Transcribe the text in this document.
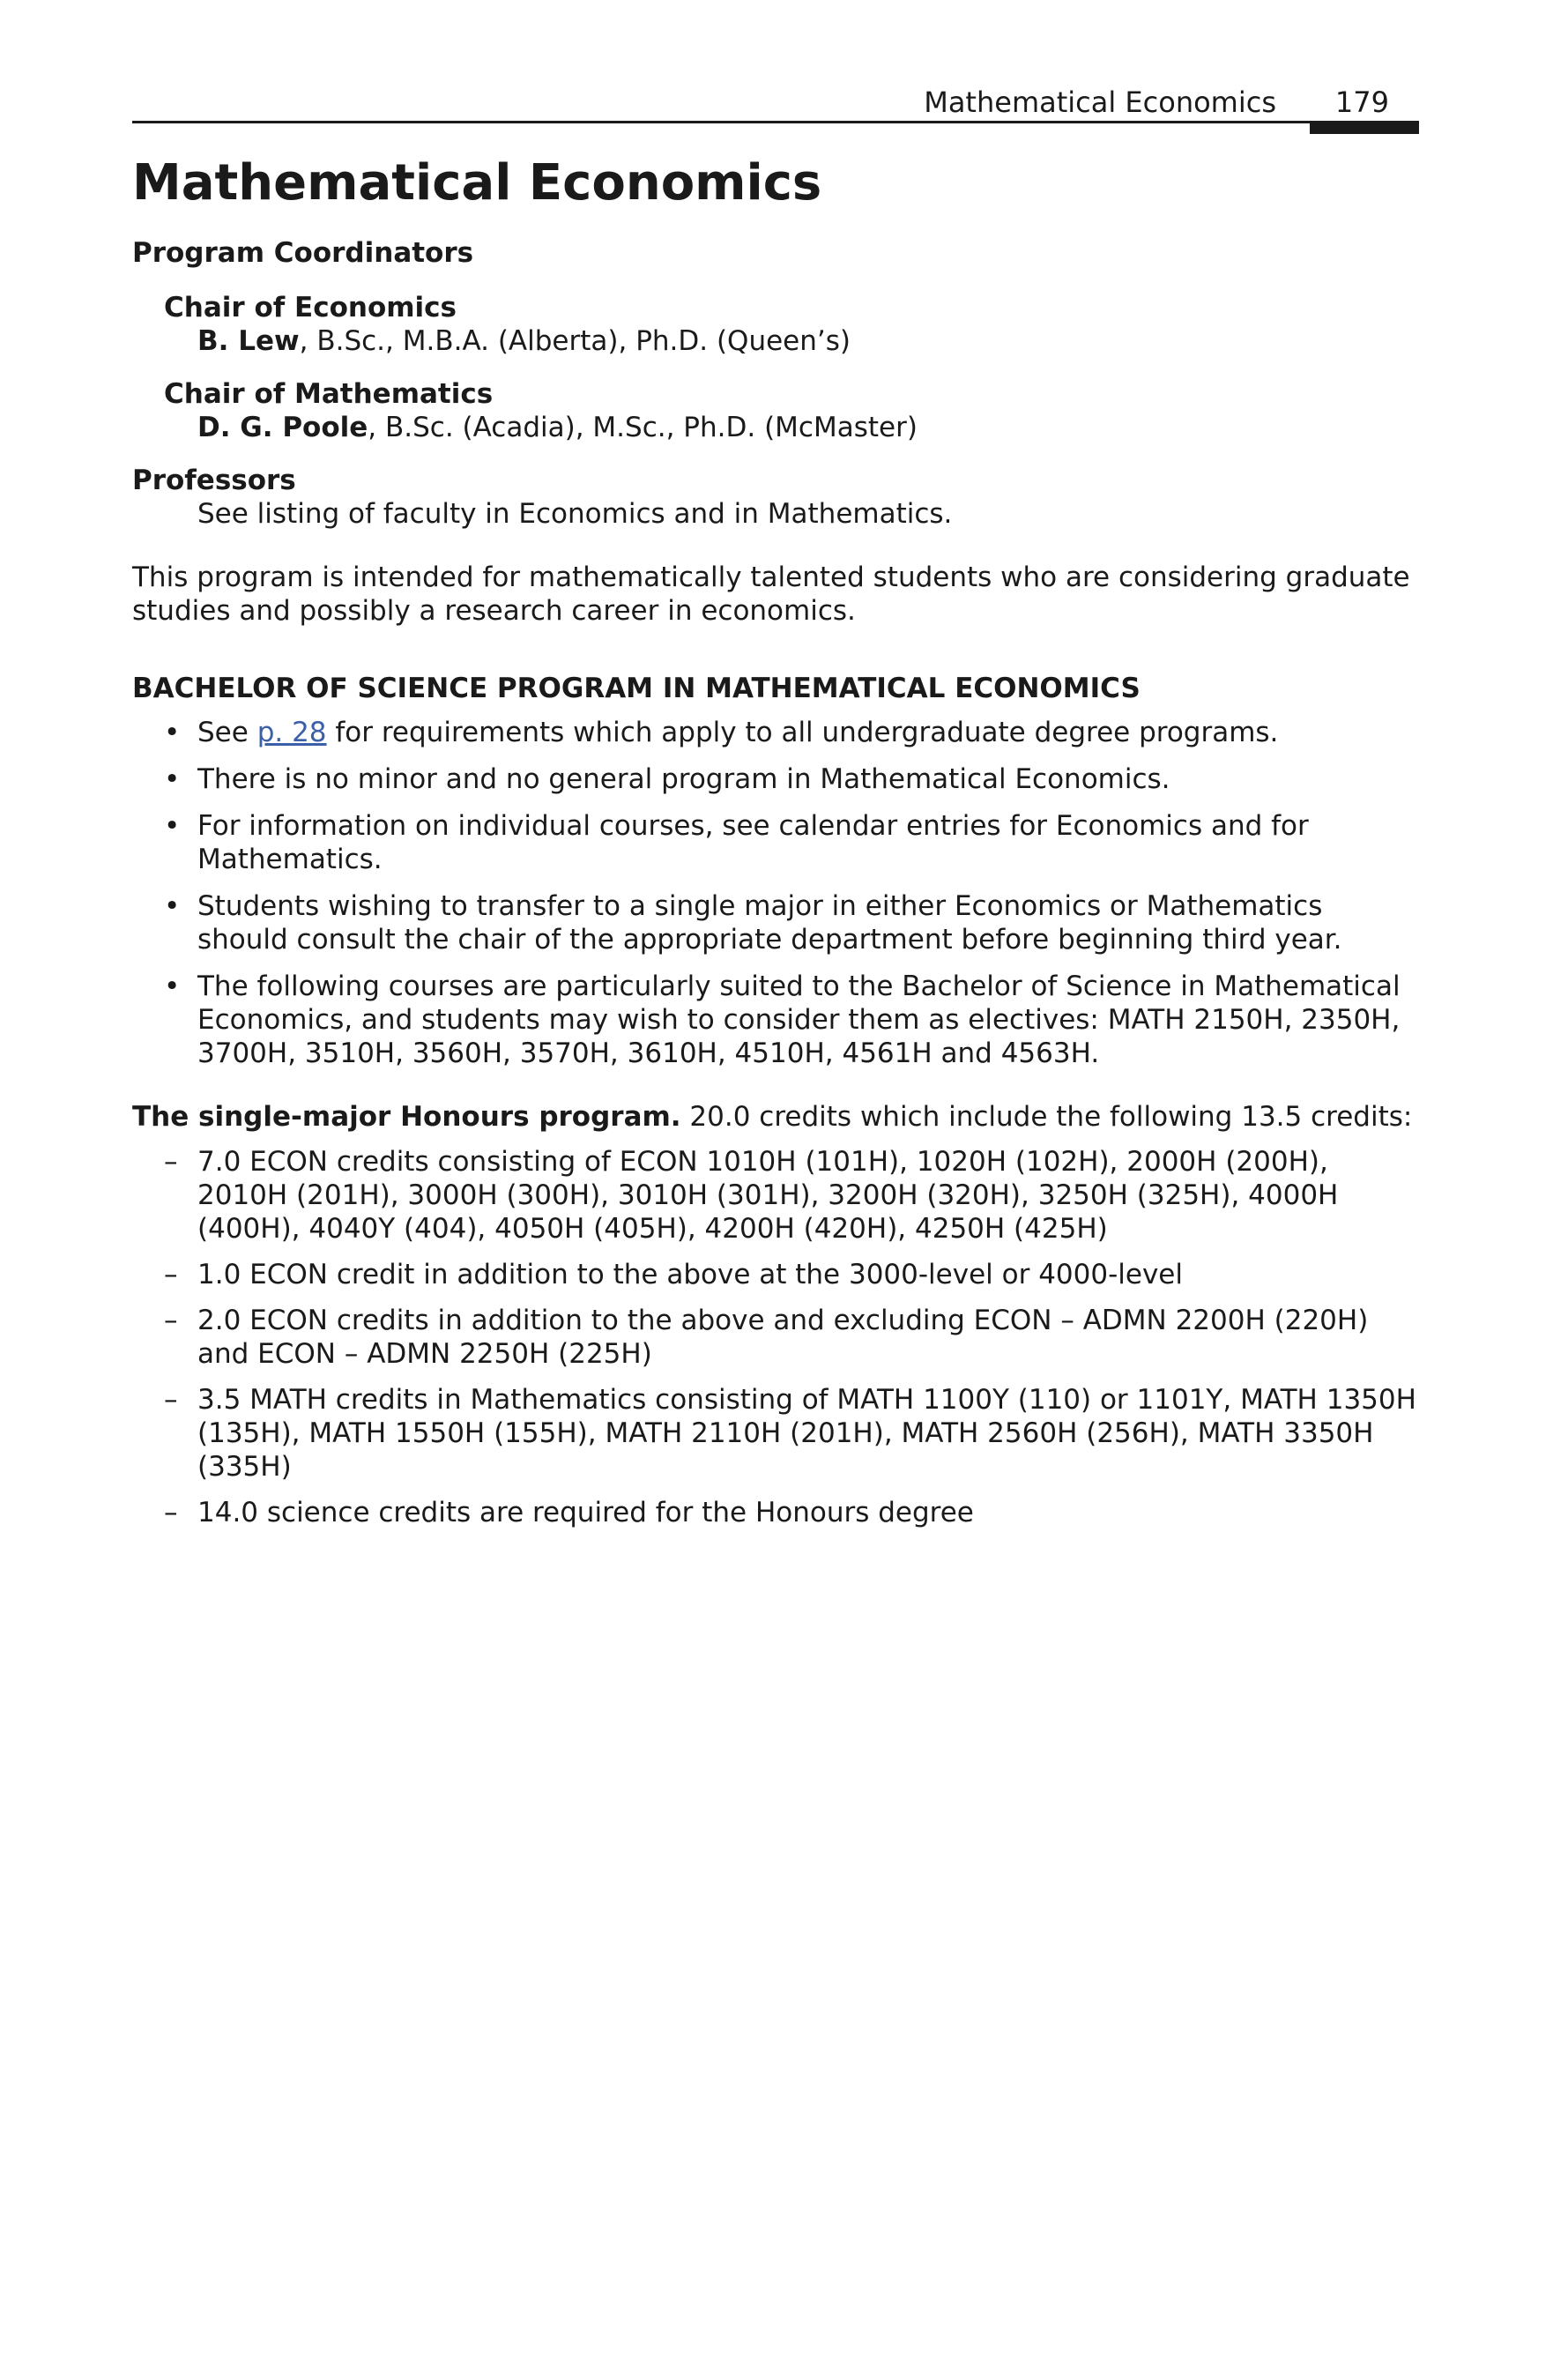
Mathematical Economics 179
Mathematical Economics
Program Coordinators
Chair of Economics
B. Lew, B.Sc., M.B.A. (Alberta), Ph.D. (Queen’s)
Chair of Mathematics
D. G. Poole, B.Sc. (Acadia), M.Sc., Ph.D. (McMaster)
Professors
See listing of faculty in Economics and in Mathematics.

This program is intended for mathematically talented students who are considering graduate studies and possibly a research career in economics.

BACHELOR OF SCIENCE PROGRAM IN MATHEMATICAL ECONOMICS
• See p. 28 for requirements which apply to all undergraduate degree programs.
• There is no minor and no general program in Mathematical Economics.
• For information on individual courses, see calendar entries for Economics and for Mathematics.
• Students wishing to transfer to a single major in either Economics or Mathematics should consult the chair of the appropriate department before beginning third year.
• The following courses are particularly suited to the Bachelor of Science in Mathematical Economics, and students may wish to consider them as electives: MATH 2150H, 2350H, 3700H, 3510H, 3560H, 3570H, 3610H, 4510H, 4561H and 4563H.
The single-major Honours program. 20.0 credits which include the following 13.5 credits:
– 7.0 ECON credits consisting of ECON 1010H (101H), 1020H (102H), 2000H (200H), 2010H (201H), 3000H (300H), 3010H (301H), 3200H (320H), 3250H (325H), 4000H (400H), 4040Y (404), 4050H (405H), 4200H (420H), 4250H (425H)
– 1.0 ECON credit in addition to the above at the 3000-level or 4000-level
– 2.0 ECON credits in addition to the above and excluding ECON – ADMN 2200H (220H) and ECON – ADMN 2250H (225H)
– 3.5 MATH credits in Mathematics consisting of MATH 1100Y (110) or 1101Y, MATH 1350H (135H), MATH 1550H (155H), MATH 2110H (201H), MATH 2560H (256H), MATH 3350H (335H)
– 14.0 science credits are required for the Honours degree
